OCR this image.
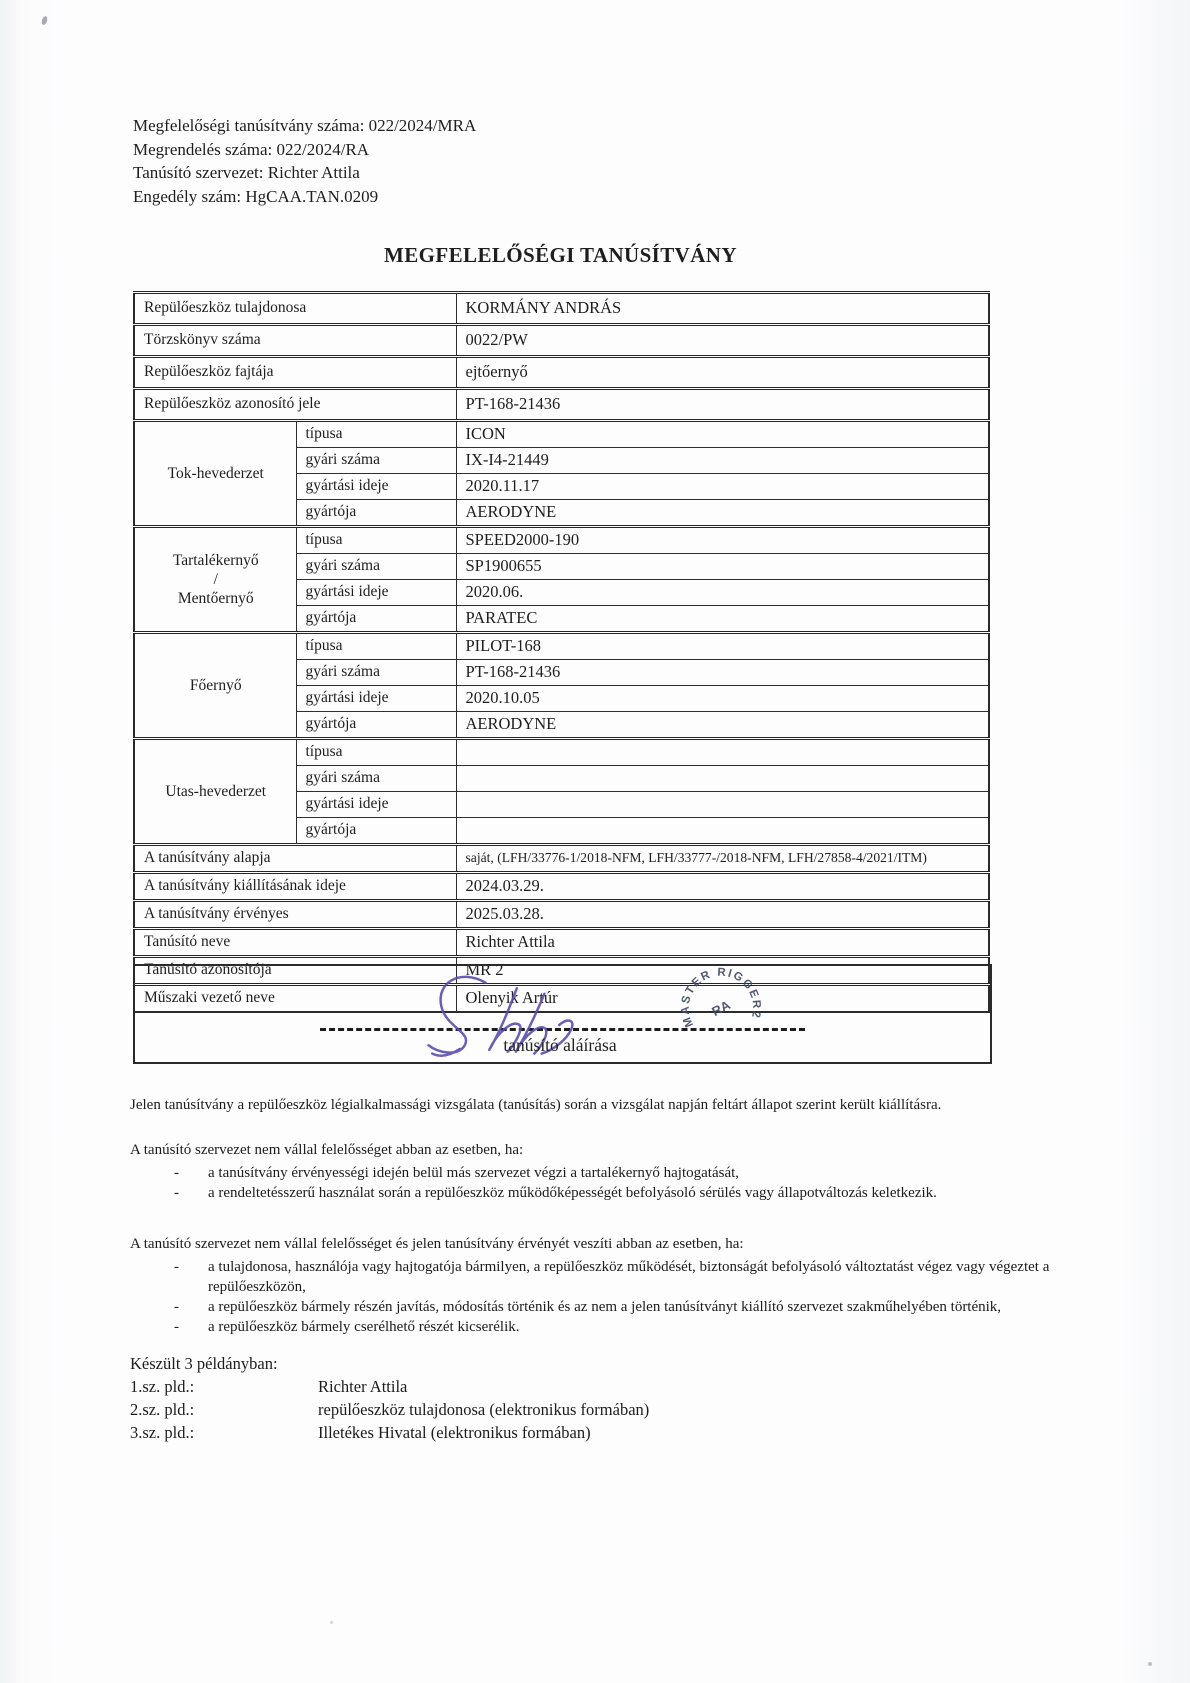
Megfelelőségi tanúsítvány száma: 022/2024/MRA
Megrendelés száma: 022/2024/RA
Tanúsító szervezet: Richter Attila
Engedély szám: HgCAA.TAN.0209
MEGFELELŐSÉGI TANÚSÍTVÁNY
Repülőeszköz tulajdonosa		KORMÁNY ANDRÁS
Törzskönyv száma		0022/PW
Repülőeszköz fajtája		ejtőernyő
Repülőeszköz azonosító jele		PT-168-21436
Tok-hevederzet	típusa	ICON
	gyári száma	IX-I4-21449
	gyártási ideje	2020.11.17
	gyártója	AERODYNE
Tartalékernyő
/
Mentőernyő	típusa	SPEED2000-190
	gyári száma	SP1900655
	gyártási ideje	2020.06.
	gyártója	PARATEC
Főernyő	típusa	PILOT-168
	gyári száma	PT-168-21436
	gyártási ideje	2020.10.05
	gyártója	AERODYNE
Utas-hevederzet	típusa	
	gyári száma	
	gyártási ideje	
	gyártója	
A tanúsítvány alapja		saját, (LFH/33776-1/2018-NFM, LFH/33777-/2018-NFM, LFH/27858-4/2021/ITM)
A tanúsítvány kiállításának ideje		2024.03.29.
A tanúsítvány érvényes		2025.03.28.
Tanúsító neve		Richter Attila
Tanúsító azonosítója		MR 2
Műszaki vezető neve		Olenyik Artúr
tanúsító aláírása
MASTER RIGGER2
RA
Jelen tanúsítvány a repülőeszköz légialkalmassági vizsgálata (tanúsítás) során a vizsgálat napján feltárt állapot szerint került kiállításra.

A tanúsító szervezet nem vállal felelősséget abban az esetben, ha:

-	a tanúsítvány érvényességi idején belül más szervezet végzi a tartalékernyő hajtogatását,
-	a rendeltetésszerű használat során a repülőeszköz működőképességét befolyásoló sérülés vagy állapotváltozás keletkezik.

A tanúsító szervezet nem vállal felelősséget és jelen tanúsítvány érvényét veszíti abban az esetben, ha:

-	a tulajdonosa, használója vagy hajtogatója bármilyen, a repülőeszköz működését, biztonságát befolyásoló változtatást végez vagy végeztet a repülőeszközön,
-	a repülőeszköz bármely részén javítás, módosítás történik és az nem a jelen tanúsítványt kiállító szervezet szakműhelyében történik,
-	a repülőeszköz bármely cserélhető részét kicserélik.
Készült 3 példányban:
1.sz. pld.:	Richter Attila
2.sz. pld.:	repülőeszköz tulajdonosa (elektronikus formában)
3.sz. pld.:	Illetékes Hivatal (elektronikus formában)
